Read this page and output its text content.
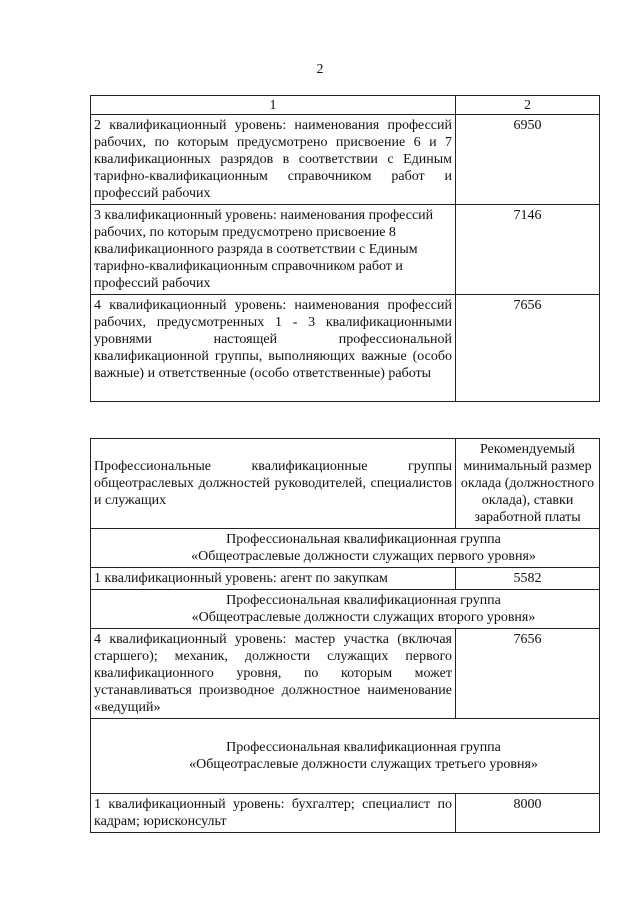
2
1	2
2 квалификационный уровень: наименования профессий рабочих, по которым предусмотрено присвоение 6 и 7 квалификационных разрядов в соответствии с Единым тарифно-квалификационным справочником работ и профессий рабочих	6950
3 квалификационный уровень: наименования профессий рабочих, по которым предусмотрено присвоение 8 квалификационного разряда в соответствии с Единым тарифно-квалификационным справочником работ и профессий рабочих	7146
4 квалификационный уровень: наименования профессий рабочих, предусмотренных 1 - 3 квалификационными уровнями настоящей профессиональной квалификационной группы, выполняющих важные (особо важные) и ответственные (особо ответственные) работы	7656
Профессиональные квалификационные группы общеотраслевых должностей руководителей, специалистов и служащих	Рекомендуемый минимальный размер оклада (должностного оклада), ставки заработной платы

Профессиональная квалификационная группа
«Общеотраслевые должности служащих первого уровня»	

1 квалификационный уровень: агент по закупкам	5582

Профессиональная квалификационная группа
«Общеотраслевые должности служащих второго уровня»	

4 квалификационный уровень: мастер участка (включая старшего); механик, должности служащих первого квалификационного уровня, по которым может устанавливаться производное должностное наименование «ведущий»	7656

Профессиональная квалификационная группа
«Общеотраслевые должности служащих третьего уровня»	

1 квалификационный уровень: бухгалтер; специалист по кадрам; юрисконсульт	8000
